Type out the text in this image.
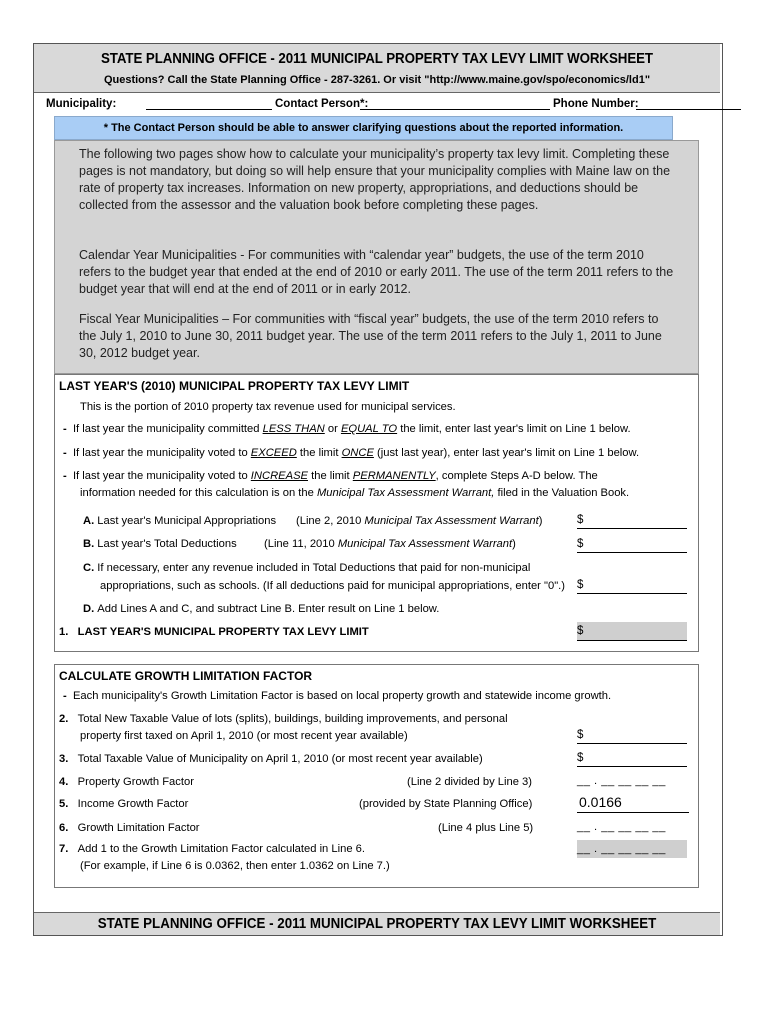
STATE PLANNING OFFICE - 2011 MUNICIPAL PROPERTY TAX LEVY LIMIT WORKSHEET
Questions? Call the State Planning Office - 287-3261. Or visit "http://www.maine.gov/spo/economics/ld1"
Municipality:	Contact Person*:	Phone Number:
* The Contact Person should be able to answer clarifying questions about the reported information.

The following two pages show how to calculate your municipality’s property tax levy limit. Completing these pages is not mandatory, but doing so will help ensure that your municipality complies with Maine law on the rate of property tax increases. Information on new property, appropriations, and deductions should be collected from the assessor and the valuation book before completing these pages.

Calendar Year Municipalities - For communities with “calendar year” budgets, the use of the term 2010 refers to the budget year that ended at the end of 2010 or early 2011. The use of the term 2011 refers to the budget year that will end at the end of 2011 or in early 2012.

Fiscal Year Municipalities – For communities with “fiscal year” budgets, the use of the term 2010 refers to the July 1, 2010 to June 30, 2011 budget year. The use of the term 2011 refers to the July 1, 2011 to June 30, 2012 budget year.

LAST YEAR'S (2010) MUNICIPAL PROPERTY TAX LEVY LIMIT
This is the portion of 2010 property tax revenue used for municipal services.
- If last year the municipality committed LESS THAN or EQUAL TO the limit, enter last year's limit on Line 1 below.
- If last year the municipality voted to EXCEED the limit ONCE (just last year), enter last year's limit on Line 1 below.
- If last year the municipality voted to INCREASE the limit PERMANENTLY, complete Steps A-D below. The
information needed for this calculation is on the Municipal Tax Assessment Warrant, filed in the Valuation Book.
A. Last year's Municipal Appropriations (Line 2, 2010 Municipal Tax Assessment Warrant)	$
B. Last year's Total Deductions (Line 11, 2010 Municipal Tax Assessment Warrant)	$
C. If necessary, enter any revenue included in Total Deductions that paid for non-municipal
appropriations, such as schools. (If all deductions paid for municipal appropriations, enter "0".) $
D. Add Lines A and C, and subtract Line B. Enter result on Line 1 below.
1. LAST YEAR'S MUNICIPAL PROPERTY TAX LEVY LIMIT	$
CALCULATE GROWTH LIMITATION FACTOR
- Each municipality's Growth Limitation Factor is based on local property growth and statewide income growth.
2. Total New Taxable Value of lots (splits), buildings, building improvements, and personal
property first taxed on April 1, 2010 (or most recent year available)	$
3. Total Taxable Value of Municipality on April 1, 2010 (or most recent year available)	$
4. Property Growth Factor	(Line 2 divided by Line 3)	__ . __ __ __ __
5. Income Growth Factor	(provided by State Planning Office)	0.0166
6. Growth Limitation Factor	(Line 4 plus Line 5)	__ . __ __ __ __
7. Add 1 to the Growth Limitation Factor calculated in Line 6.
(For example, if Line 6 is 0.0362, then enter 1.0362 on Line 7.)
__ . __ __ __ __
STATE PLANNING OFFICE - 2011 MUNICIPAL PROPERTY TAX LEVY LIMIT WORKSHEET
